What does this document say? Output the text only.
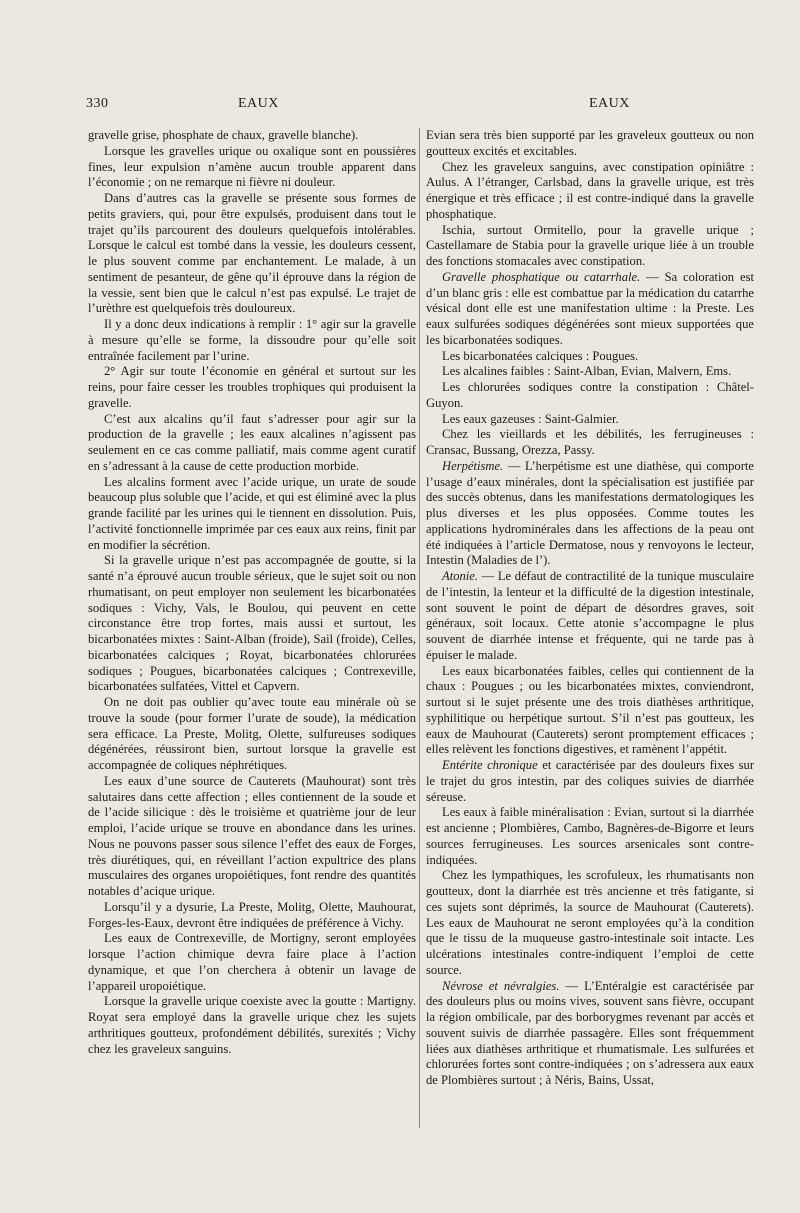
330	EAUX	EAUX

gravelle grise, phosphate de chaux, gravelle blanche).

Lorsque les gravelles urique ou oxalique sont en poussières fines, leur expulsion n’amène aucun trouble apparent dans l’économie ; on ne remarque ni fièvre ni douleur.

Dans d’autres cas la gravelle se présente sous formes de petits graviers, qui, pour être expulsés, produisent dans tout le trajet qu’ils parcourent des douleurs quelquefois intolérables. Lorsque le calcul est tombé dans la vessie, les douleurs cessent, le plus souvent comme par enchantement. Le malade, à un sentiment de pesanteur, de gêne qu’il éprouve dans la région de la vessie, sent bien que le calcul n’est pas expulsé. Le trajet de l’urèthre est quelquefois très douloureux.

Il y a donc deux indications à remplir : 1° agir sur la gravelle à mesure qu’elle se forme, la dissoudre pour qu’elle soit entraînée facilement par l’urine.

2° Agir sur toute l’économie en général et surtout sur les reins, pour faire cesser les troubles trophiques qui produisent la gravelle.

C’est aux alcalins qu’il faut s’adresser pour agir sur la production de la gravelle ; les eaux alcalines n’agissent pas seulement en ce cas comme palliatif, mais comme agent curatif en s’adressant à la cause de cette production morbide.

Les alcalins forment avec l’acide urique, un urate de soude beaucoup plus soluble que l’acide, et qui est éliminé avec la plus grande facilité par les urines qui le tiennent en dissolution. Puis, l’activité fonctionnelle imprimée par ces eaux aux reins, finit par en modifier la sécrétion.

Si la gravelle urique n’est pas accompagnée de goutte, si la santé n’a éprouvé aucun trouble sérieux, que le sujet soit ou non rhumatisant, on peut employer non seulement les bicarbonatées sodiques : Vichy, Vals, le Boulou, qui peuvent en cette circonstance être trop fortes, mais aussi et surtout, les bicarbonatées mixtes : Saint-Alban (froide), Sail (froide), Celles, bicarbonatées calciques ; Royat, bicarbonatées chlorurées sodiques ; Pougues, bicarbonatées calciques ; Contrexeville, bicarbonatées sulfatées, Vittel et Capvern.

On ne doit pas oublier qu’avec toute eau minérale où se trouve la soude (pour former l’urate de soude), la médication sera efficace. La Preste, Molitg, Olette, sulfureuses sodiques dégénérées, réussiront bien, surtout lorsque la gravelle est accompagnée de coliques néphrétiques.

Les eaux d’une source de Cauterets (Mauhourat) sont très salutaires dans cette affection ; elles contiennent de la soude et de l’acide silicique : dès le troisième et quatrième jour de leur emploi, l’acide urique se trouve en abondance dans les urines. Nous ne pouvons passer sous silence l’effet des eaux de Forges, très diurétiques, qui, en réveillant l’action expultrice des plans musculaires des organes uropoiétiques, font rendre des quantités notables d’acique urique.

Lorsqu’il y a dysurie, La Preste, Molitg, Olette, Mauhourat, Forges-les-Eaux, devront être indiquées de préférence à Vichy.

Les eaux de Contrexeville, de Mortigny, seront employées lorsque l’action chimique devra faire place à l’action dynamique, et que l’on cherchera à obtenir un lavage de l’appareil uropoiétique.

Lorsque la gravelle urique coexiste avec la goutte : Martigny. Royat sera employé dans la gravelle urique chez les sujets arthritiques goutteux, profondément débilités, surexités ; Vichy chez les graveleux sanguins.

Evian sera très bien supporté par les graveleux goutteux ou non goutteux excités et excitables.

Chez les graveleux sanguins, avec constipation opiniâtre : Aulus. A l’étranger, Carlsbad, dans la gravelle urique, est très énergique et très efficace ; il est contre-indiqué dans la gravelle phosphatique.

Ischia, surtout Ormitello, pour la gravelle urique ; Castellamare de Stabia pour la gravelle urique liée à un trouble des fonctions stomacales avec constipation.

Gravelle phosphatique ou catarrhale. — Sa coloration est d’un blanc gris : elle est combattue par la médication du catarrhe vésical dont elle est une manifestation ultime : la Preste. Les eaux sulfurées sodiques dégénérées sont mieux supportées que les bicarbonatées sodiques.

Les bicarbonatées calciques : Pougues.

Les alcalines faibles : Saint-Alban, Evian, Malvern, Ems.

Les chlorurées sodiques contre la constipation : Châtel-Guyon.

Les eaux gazeuses : Saint-Galmier.

Chez les vieillards et les débilités, les ferrugineuses : Cransac, Bussang, Orezza, Passy.

Herpétisme. — L’herpétisme est une diathèse, qui comporte l’usage d’eaux minérales, dont la spécialisation est justifiée par des succès obtenus, dans les manifestations dermatologiques les plus diverses et les plus opposées. Comme toutes les applications hydrominérales dans les affections de la peau ont été indiquées à l’article Dermatose, nous y renvoyons le lecteur, Intestin (Maladies de l’).

Atonie. — Le défaut de contractilité de la tunique musculaire de l’intestin, la lenteur et la difficulté de la digestion intestinale, sont souvent le point de départ de désordres graves, soit généraux, soit locaux. Cette atonie s’accompagne le plus souvent de diarrhée intense et fréquente, qui ne tarde pas à épuiser le malade.

Les eaux bicarbonatées faibles, celles qui contiennent de la chaux : Pougues ; ou les bicarbonatées mixtes, conviendront, surtout si le sujet présente une des trois diathèses arthritique, syphilitique ou herpétique surtout. S’il n’est pas goutteux, les eaux de Mauhourat (Cauterets) seront promptement efficaces ; elles relèvent les fonctions digestives, et ramènent l’appétit.

Entérite chronique et caractérisée par des douleurs fixes sur le trajet du gros intestin, par des coliques suivies de diarrhée séreuse.

Les eaux à faible minéralisation : Evian, surtout si la diarrhée est ancienne ; Plombières, Cambo, Bagnères-de-Bigorre et leurs sources ferrugineuses. Les sources arsenicales sont contre-indiquées.

Chez les lympathiques, les scrofuleux, les rhumatisants non goutteux, dont la diarrhée est très ancienne et très fatigante, si ces sujets sont déprimés, la source de Mauhourat (Cauterets). Les eaux de Mauhourat ne seront employées qu’à la condition que le tissu de la muqueuse gastro-intestinale soit intacte. Les ulcérations intestinales contre-indiquent l’emploi de cette source.

Névrose et névralgies. — L’Entéralgie est caractérisée par des douleurs plus ou moins vives, souvent sans fièvre, occupant la région ombilicale, par des borborygmes revenant par accès et souvent suivis de diarrhée passagère. Elles sont fréquemment liées aux diathèses arthritique et rhumatismale. Les sulfurées et chlorurées fortes sont contre-indiquées ; on s’adressera aux eaux de Plombières surtout ; à Néris, Bains, Ussat,
